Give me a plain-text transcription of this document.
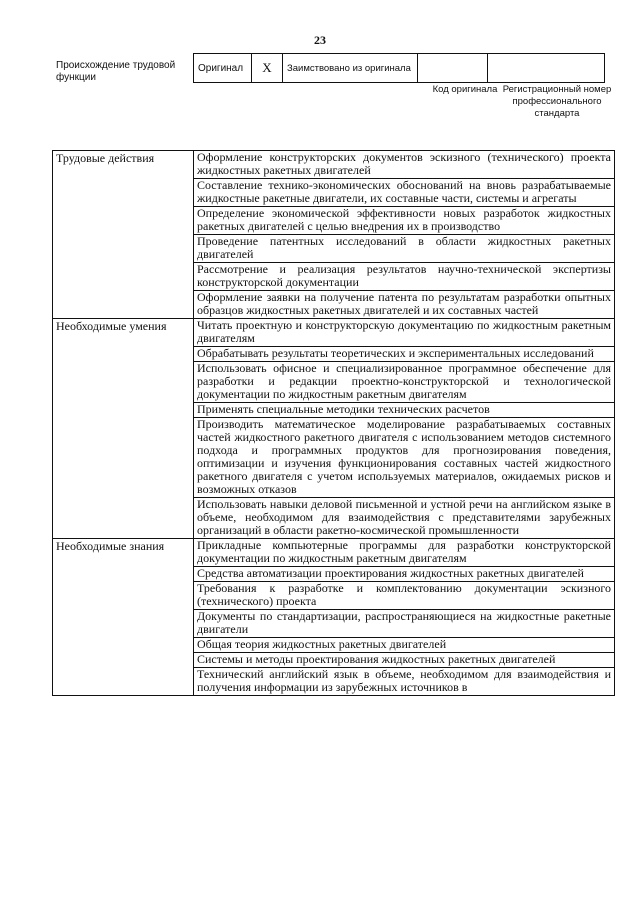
23
Происхождение трудовой функции
Оригинал	X	Заимствовано из оригинала		
Код оригинала Регистрационный номер профессионального стандарта
Трудовые действия	Оформление конструкторских документов эскизного (технического) проекта жидкостных ракетных двигателей
	Составление технико-экономических обоснований на вновь разрабатываемые жидкостные ракетные двигатели, их составные части, системы и агрегаты
	Определение экономической эффективности новых разработок жидкостных ракетных двигателей с целью внедрения их в производство
	Проведение патентных исследований в области жидкостных ракетных двигателей
	Рассмотрение и реализация результатов научно-технической экспертизы конструкторской документации
	Оформление заявки на получение патента по результатам разработки опытных образцов жидкостных ракетных двигателей и их составных частей
Необходимые умения	Читать проектную и конструкторскую документацию по жидкостным ракетным двигателям
	Обрабатывать результаты теоретических и экспериментальных исследований
	Использовать офисное и специализированное программное обеспечение для разработки и редакции проектно-конструкторской и технологической документации по жидкостным ракетным двигателям
	Применять специальные методики технических расчетов
	Производить математическое моделирование разрабатываемых составных частей жидкостного ракетного двигателя с использованием методов системного подхода и программных продуктов для прогнозирования поведения, оптимизации и изучения функционирования составных частей жидкостного ракетного двигателя с учетом используемых материалов, ожидаемых рисков и возможных отказов
	Использовать навыки деловой письменной и устной речи на английском языке в объеме, необходимом для взаимодействия с представителями зарубежных организаций в области ракетно-космической промышленности
Необходимые знания	Прикладные компьютерные программы для разработки конструкторской документации по жидкостным ракетным двигателям
	Средства автоматизации проектирования жидкостных ракетных двигателей
	Требования к разработке и комплектованию документации эскизного (технического) проекта
	Документы по стандартизации, распространяющиеся на жидкостные ракетные двигатели
	Общая теория жидкостных ракетных двигателей
	Системы и методы проектирования жидкостных ракетных двигателей
	Технический английский язык в объеме, необходимом для взаимодействия и получения информации из зарубежных источников в
